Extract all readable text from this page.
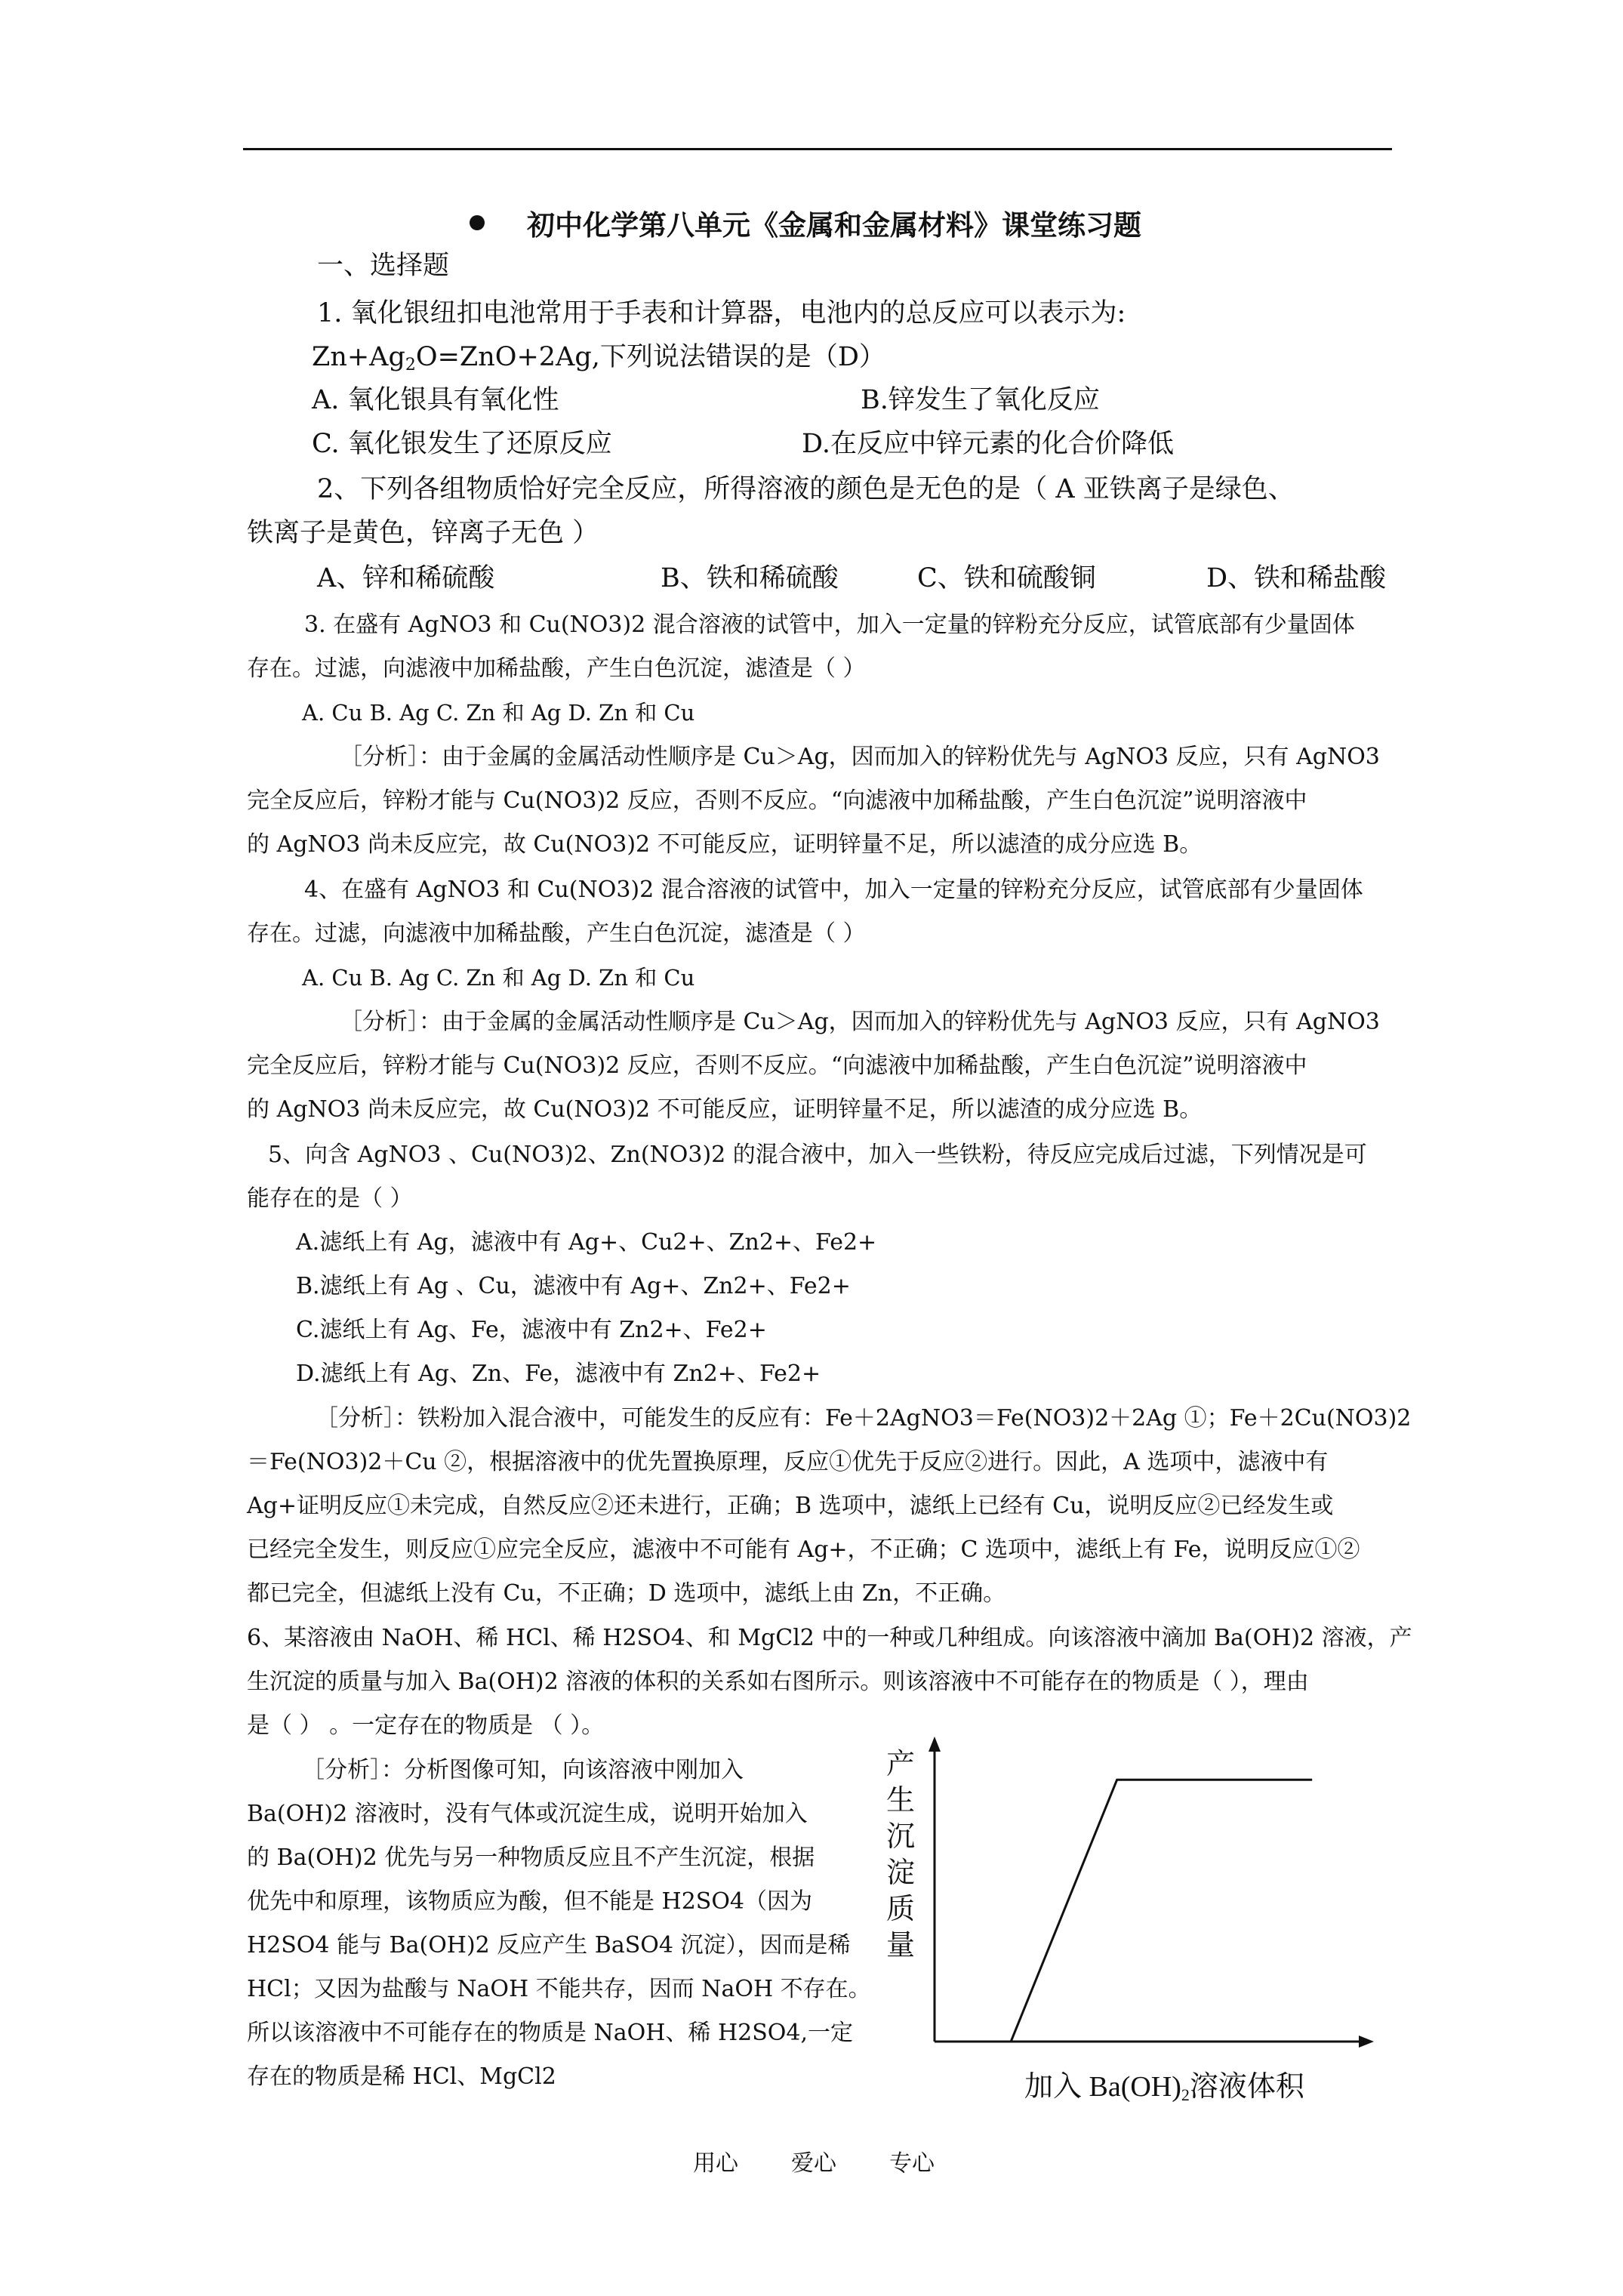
初中化学第八单元《金属和金属材料》课堂练习题
一、选择题
1. 氧化银纽扣电池常用于手表和计算器，电池内的总反应可以表示为:
$Zn+Ag_2O=ZnO+2Ag$,下列说法错误的是（D）
A. 氧化银具有氧化性	B.锌发生了氧化反应
C. 氧化银发生了还原反应	D.在反应中锌元素的化合价降低
2、下列各组物质恰好完全反应，所得溶液的颜色是无色的是（ A 亚铁离子是绿色、
铁离子是黄色，锌离子无色 ）
A、锌和稀硫酸	B、铁和稀硫酸	C、铁和硫酸铜	D、铁和稀盐酸
3. 在盛有 AgNO3 和 Cu(NO3)2 混合溶液的试管中，加入一定量的锌粉充分反应，试管底部有少量固体
存在。过滤，向滤液中加稀盐酸，产生白色沉淀，滤渣是（ ）
A. Cu B. Ag C. Zn 和 Ag D. Zn 和 Cu
［分析］：由于金属的金属活动性顺序是 Cu＞Ag，因而加入的锌粉优先与 AgNO3 反应，只有 AgNO3
完全反应后，锌粉才能与 Cu(NO3)2 反应，否则不反应。“向滤液中加稀盐酸，产生白色沉淀”说明溶液中
的 AgNO3 尚未反应完，故 Cu(NO3)2 不可能反应，证明锌量不足，所以滤渣的成分应选 B。
4、在盛有 AgNO3 和 Cu(NO3)2 混合溶液的试管中，加入一定量的锌粉充分反应，试管底部有少量固体
存在。过滤，向滤液中加稀盐酸，产生白色沉淀，滤渣是（ ）
A. Cu B. Ag C. Zn 和 Ag D. Zn 和 Cu
［分析］：由于金属的金属活动性顺序是 Cu＞Ag，因而加入的锌粉优先与 AgNO3 反应，只有 AgNO3
完全反应后，锌粉才能与 Cu(NO3)2 反应，否则不反应。“向滤液中加稀盐酸，产生白色沉淀”说明溶液中
的 AgNO3 尚未反应完，故 Cu(NO3)2 不可能反应，证明锌量不足，所以滤渣的成分应选 B。
5、向含 AgNO3 、Cu(NO3)2、Zn(NO3)2 的混合液中，加入一些铁粉，待反应完成后过滤，下列情况是可
能存在的是（ ）
A.滤纸上有 Ag，滤液中有 Ag+、Cu2+、Zn2+、Fe2+
B.滤纸上有 Ag 、Cu，滤液中有 Ag+、Zn2+、Fe2+
C.滤纸上有 Ag、Fe，滤液中有 Zn2+、Fe2+
D.滤纸上有 Ag、Zn、Fe，滤液中有 Zn2+、Fe2+
［分析］：铁粉加入混合液中，可能发生的反应有：Fe＋2AgNO3＝Fe(NO3)2＋2Ag ①；Fe＋2Cu(NO3)2
＝Fe(NO3)2＋Cu ②，根据溶液中的优先置换原理，反应①优先于反应②进行。因此，A 选项中，滤液中有
Ag+证明反应①未完成，自然反应②还未进行，正确；B 选项中，滤纸上已经有 Cu，说明反应②已经发生或
已经完全发生，则反应①应完全反应，滤液中不可能有 Ag+，不正确；C 选项中，滤纸上有 Fe，说明反应①②
都已完全，但滤纸上没有 Cu，不正确；D 选项中，滤纸上由 Zn，不正确。
6、某溶液由 NaOH、稀 HCl、稀 H2SO4、和 MgCl2 中的一种或几种组成。向该溶液中滴加 Ba(OH)2 溶液，产
生沉淀的质量与加入 Ba(OH)2 溶液的体积的关系如右图所示。则该溶液中不可能存在的物质是（ ），理由
是（ ） 。一定存在的物质是 （ ）。
［分析］：分析图像可知，向该溶液中刚加入
Ba(OH)2 溶液时，没有气体或沉淀生成，说明开始加入
的 Ba(OH)2 优先与另一种物质反应且不产生沉淀，根据
优先中和原理，该物质应为酸，但不能是 H2SO4（因为
H2SO4 能与 Ba(OH)2 反应产生 BaSO4 沉淀），因而是稀
HCl；又因为盐酸与 NaOH 不能共存，因而 NaOH 不存在。
所以该溶液中不可能存在的物质是 NaOH、稀 H2SO4,一定
存在的物质是稀 HCl、MgCl2
产生沉淀质量
加入 $Ba(OH)_2$溶液体积
用心 爱心 专心
